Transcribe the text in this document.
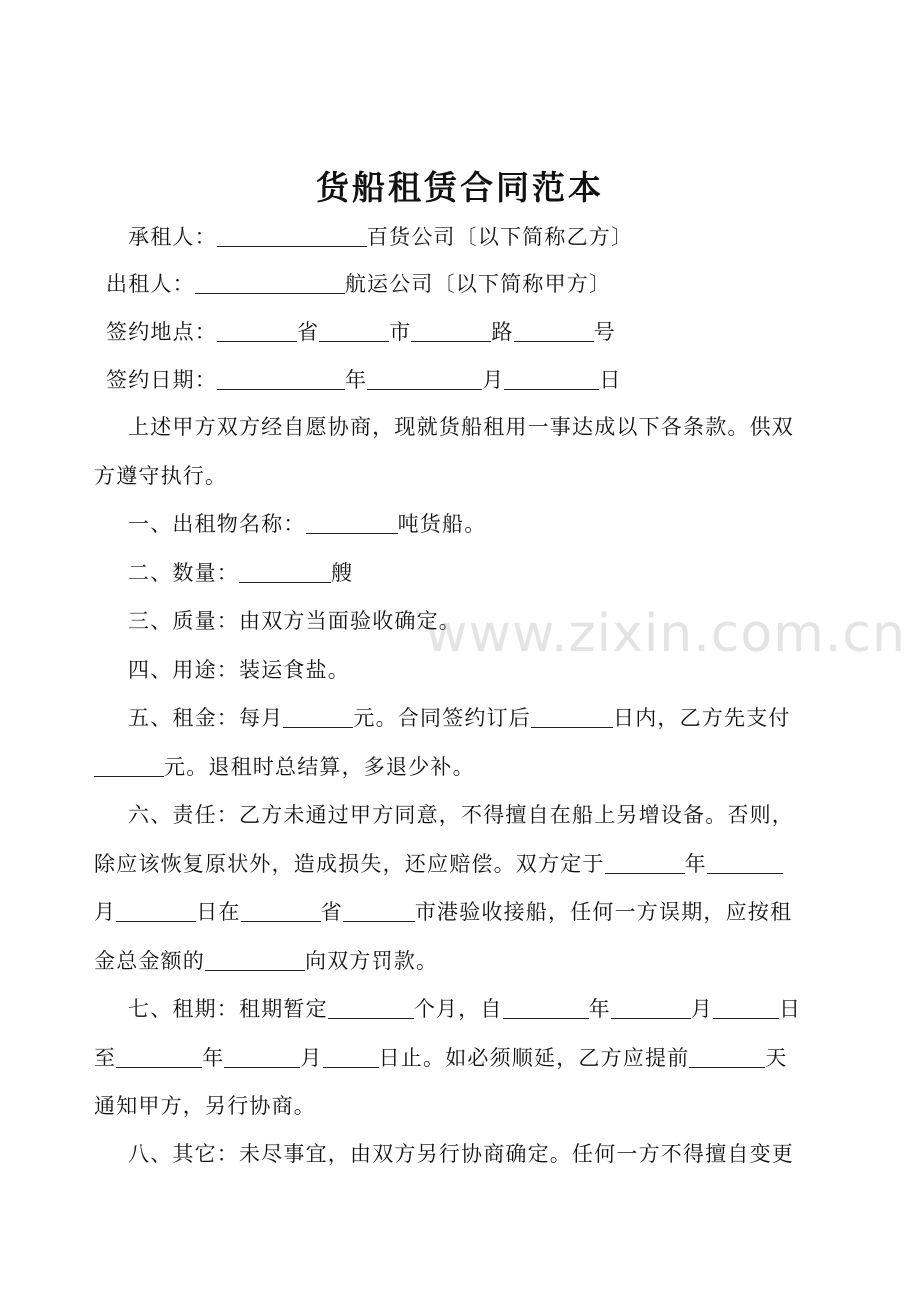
货船租赁合同范本
www.zixin.com.cn
承租人：	百货公司〔以下简称乙方〕
出租人：	航运公司〔以下简称甲方〕
签约地点：	省	市	路	号
签约日期：	年	月	日
上述甲方双方经自愿协商，现就货船租用一事达成以下各条款。供双
方遵守执行。
一、出租物名称：	吨货船。
二、数量：	艘
三、质量：由双方当面验收确定。
四、用途：装运食盐。
五、租金：每月	元。合同签约订后	日内，乙方先支付
元。退租时总结算，多退少补。
六、责任：乙方未通过甲方同意，不得擅自在船上另增设备。否则，
除应该恢复原状外，造成损失，还应赔偿。双方定于	年
月	日在	省	市港验收接船，任何一方误期，应按租
金总金额的	向双方罚款。
七、租期：租期暂定	个月，自	年	月	日
至	年	月	日止。如必须顺延，乙方应提前	天
通知甲方，另行协商。
八、其它：未尽事宜，由双方另行协商确定。任何一方不得擅自变更
